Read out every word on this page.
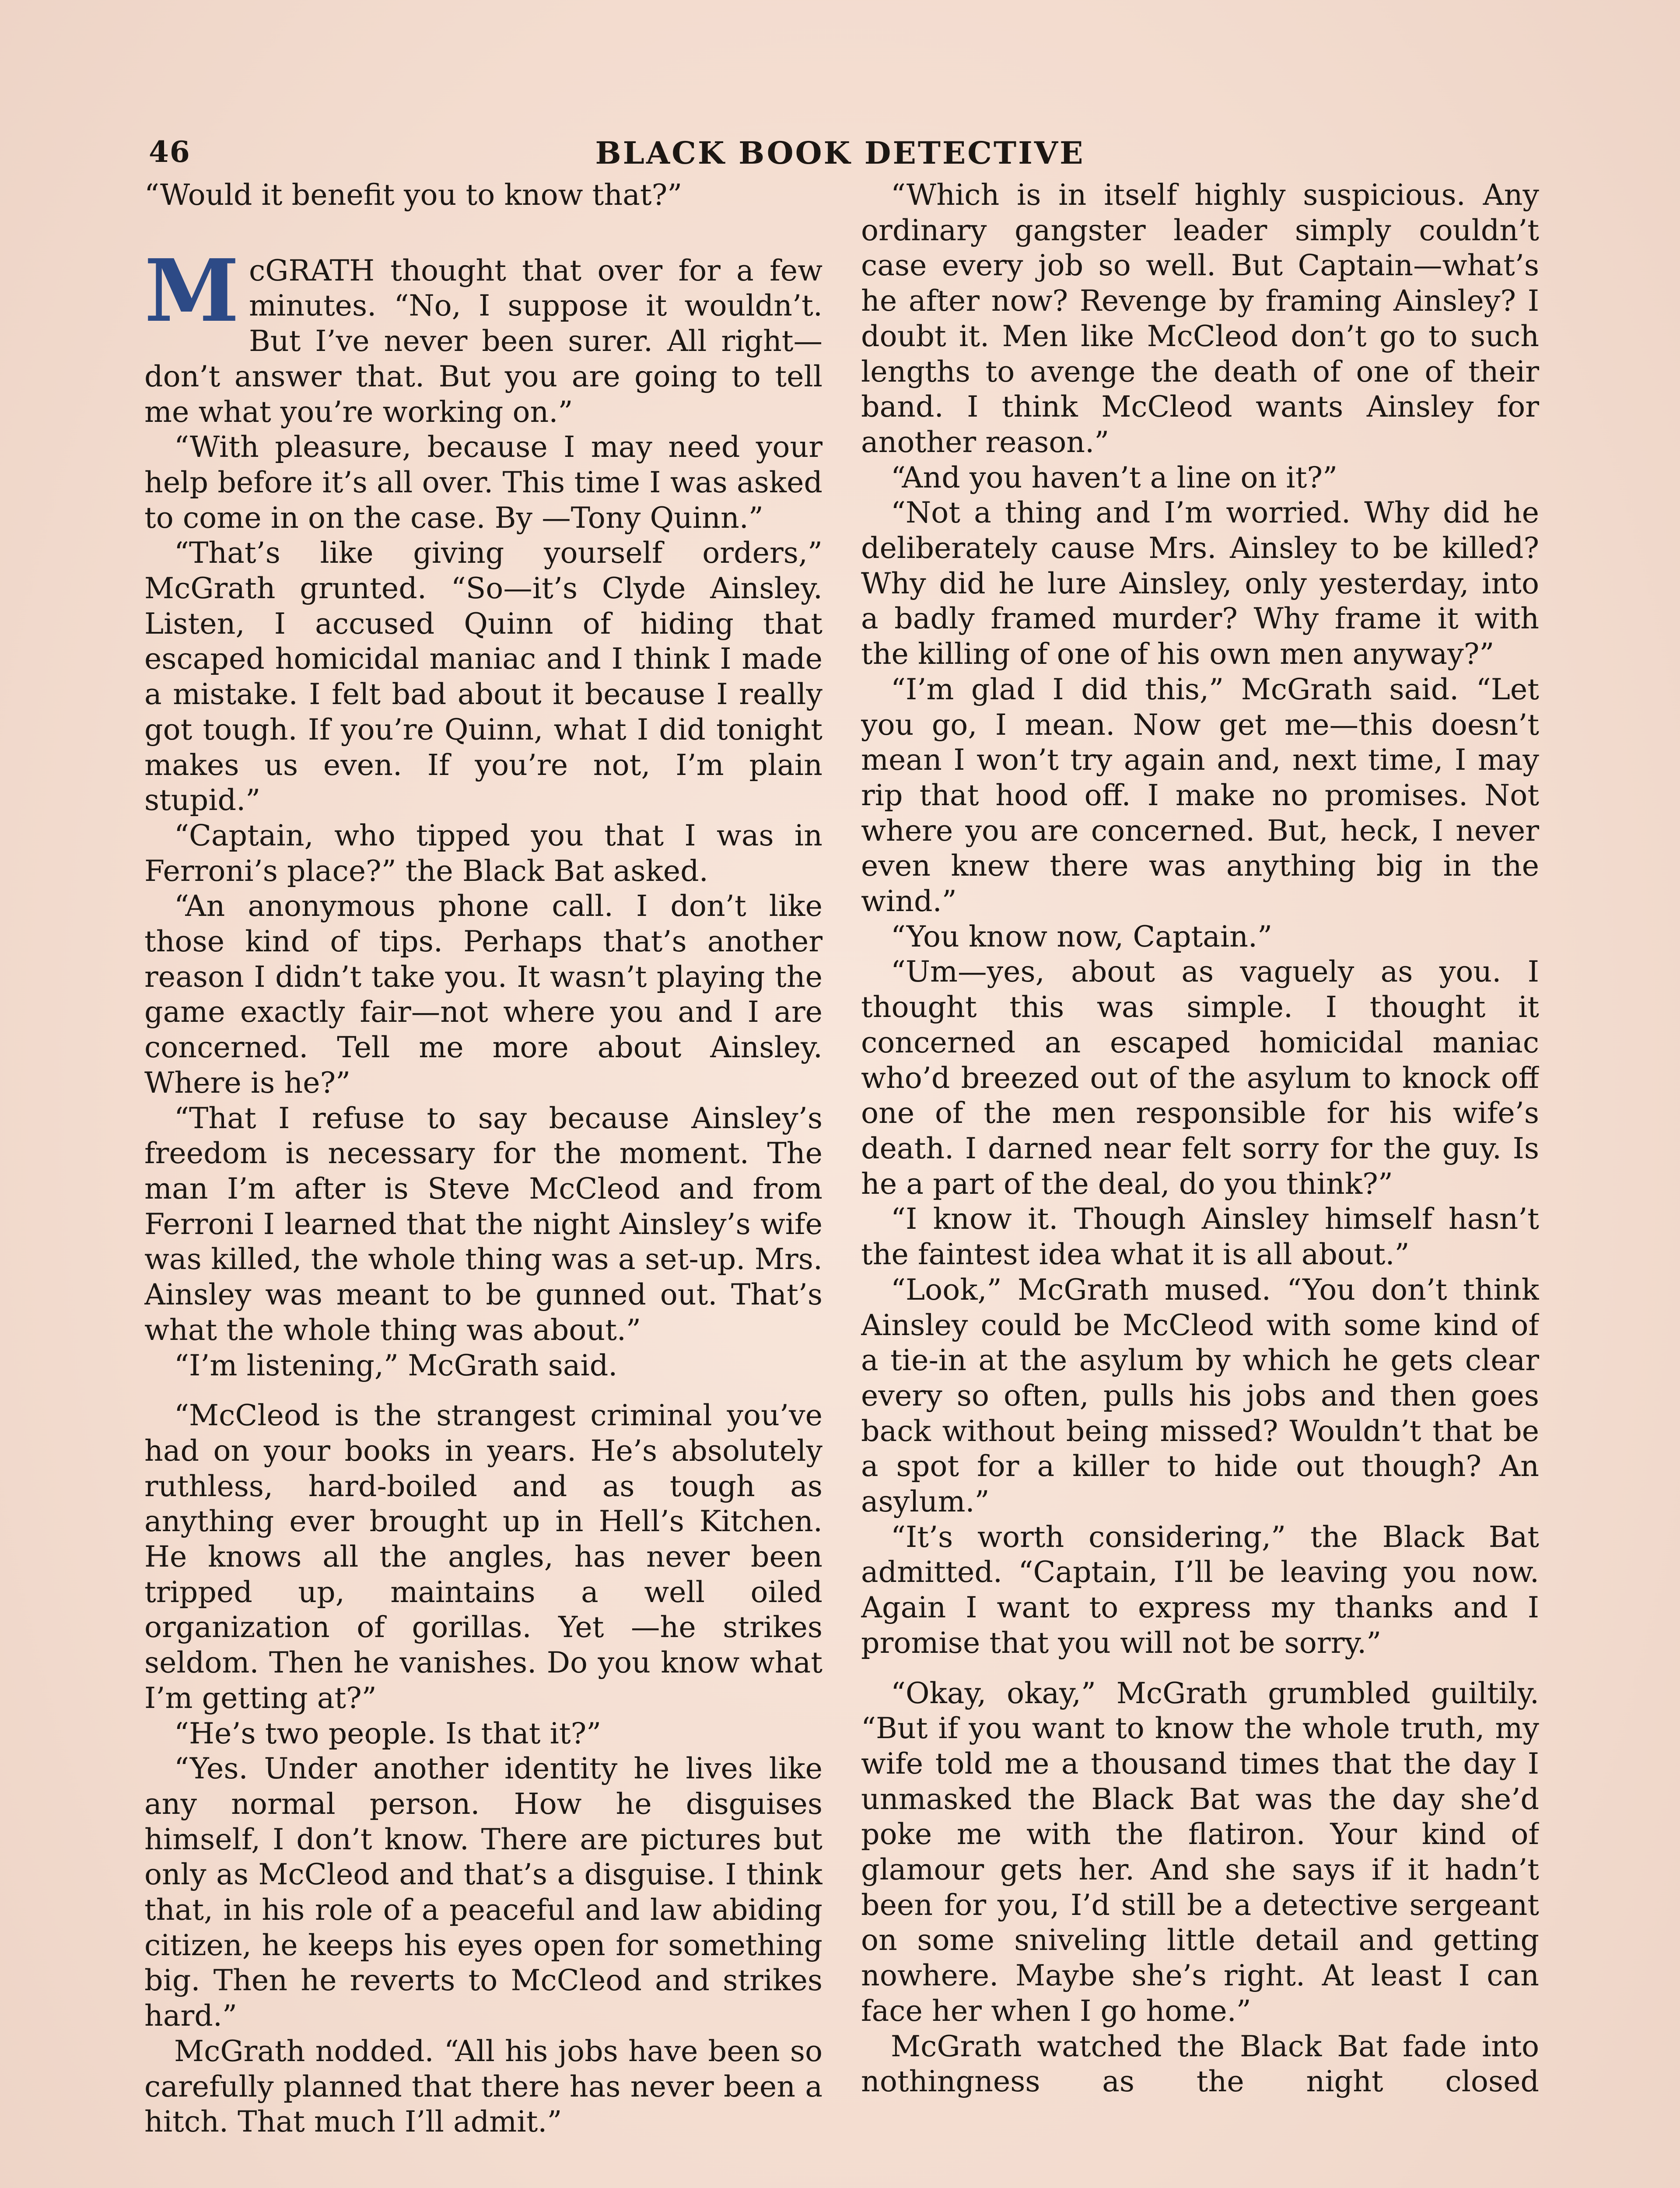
46	BLACK BOOK DETECTIVE

“Would it benefit you to know that?”

McGRATH thought that over for a few minutes. “No, I suppose it wouldn’t. But I’ve never been surer. All right—don’t answer that. But you are going to tell me what you’re working on.”

“With pleasure, because I may need your help before it’s all over. This time I was asked to come in on the case. By —Tony Quinn.”

“That’s like giving yourself orders,” McGrath grunted. “So—it’s Clyde Ainsley. Listen, I accused Quinn of hiding that escaped homicidal maniac and I think I made a mistake. I felt bad about it because I really got tough. If you’re Quinn, what I did tonight makes us even. If you’re not, I’m plain stupid.”

“Captain, who tipped you that I was in Ferroni’s place?” the Black Bat asked.

“An anonymous phone call. I don’t like those kind of tips. Perhaps that’s another reason I didn’t take you. It wasn’t playing the game exactly fair—not where you and I are concerned. Tell me more about Ainsley. Where is he?”

“That I refuse to say because Ainsley’s freedom is necessary for the moment. The man I’m after is Steve McCleod and from Ferroni I learned that the night Ainsley’s wife was killed, the whole thing was a set-up. Mrs. Ainsley was meant to be gunned out. That’s what the whole thing was about.”

“I’m listening,” McGrath said.

“McCleod is the strangest criminal you’ve had on your books in years. He’s absolutely ruthless, hard-boiled and as tough as anything ever brought up in Hell’s Kitchen. He knows all the angles, has never been tripped up, maintains a well oiled organization of gorillas. Yet —he strikes seldom. Then he vanishes. Do you know what I’m getting at?”

“He’s two people. Is that it?”

“Yes. Under another identity he lives like any normal person. How he disguises himself, I don’t know. There are pictures but only as McCleod and that’s a disguise. I think that, in his role of a peaceful and law abiding citizen, he keeps his eyes open for something big. Then he reverts to McCleod and strikes hard.”

McGrath nodded. “All his jobs have been so carefully planned that there has never been a hitch. That much I’ll admit.”

“Which is in itself highly suspicious. Any ordinary gangster leader simply couldn’t case every job so well. But Captain—what’s he after now? Revenge by framing Ainsley? I doubt it. Men like McCleod don’t go to such lengths to avenge the death of one of their band. I think McCleod wants Ainsley for another reason.”

“And you haven’t a line on it?”

“Not a thing and I’m worried. Why did he deliberately cause Mrs. Ainsley to be killed? Why did he lure Ainsley, only yesterday, into a badly framed murder? Why frame it with the killing of one of his own men anyway?”

“I’m glad I did this,” McGrath said. “Let you go, I mean. Now get me—this doesn’t mean I won’t try again and, next time, I may rip that hood off. I make no promises. Not where you are concerned. But, heck, I never even knew there was anything big in the wind.”

“You know now, Captain.”

“Um—yes, about as vaguely as you. I thought this was simple. I thought it concerned an escaped homicidal maniac who’d breezed out of the asylum to knock off one of the men responsible for his wife’s death. I darned near felt sorry for the guy. Is he a part of the deal, do you think?”

“I know it. Though Ainsley himself hasn’t the faintest idea what it is all about.”

“Look,” McGrath mused. “You don’t think Ainsley could be McCleod with some kind of a tie-in at the asylum by which he gets clear every so often, pulls his jobs and then goes back without being missed? Wouldn’t that be a spot for a killer to hide out though? An asylum.”

“It’s worth considering,” the Black Bat admitted. “Captain, I’ll be leaving you now. Again I want to express my thanks and I promise that you will not be sorry.”

“Okay, okay,” McGrath grumbled guiltily. “But if you want to know the whole truth, my wife told me a thousand times that the day I unmasked the Black Bat was the day she’d poke me with the flatiron. Your kind of glamour gets her. And she says if it hadn’t been for you, I’d still be a detective sergeant on some sniveling little detail and getting nowhere. Maybe she’s right. At least I can face her when I go home.”

McGrath watched the Black Bat fade into nothingness as the night closed
